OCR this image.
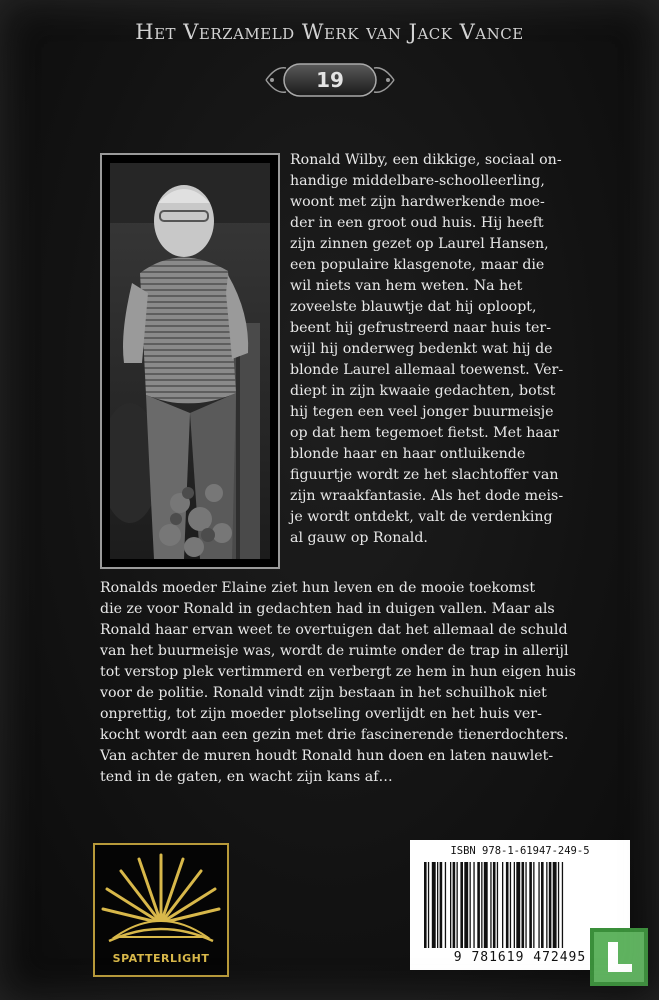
Het Verzameld Werk van Jack Vance
19
Ronald Wilby, een dikkige, sociaal on-
handige middelbare-schoolleerling,
woont met zijn hardwerkende moe-
der in een groot oud huis. Hij heeft
zijn zinnen gezet op Laurel Hansen,
een populaire klasgenote, maar die
wil niets van hem weten. Na het
zoveelste blauwtje dat hij oploopt,
beent hij gefrustreerd naar huis ter-
wijl hij onderweg bedenkt wat hij de
blonde Laurel allemaal toewenst. Ver-
diept in zijn kwaaie gedachten, botst
hij tegen een veel jonger buurmeisje
op dat hem tegemoet fietst. Met haar
blonde haar en haar ontluikende
figuurtje wordt ze het slachtoffer van
zijn wraakfantasie. Als het dode meis-
je wordt ontdekt, valt de verdenking
al gauw op Ronald.
Ronalds moeder Elaine ziet hun leven en de mooie toekomst
die ze voor Ronald in gedachten had in duigen vallen. Maar als
Ronald haar ervan weet te overtuigen dat het allemaal de schuld
van het buurmeisje was, wordt de ruimte onder de trap in allerijl
tot verstop plek vertimmerd en verbergt ze hem in hun eigen huis
voor de politie. Ronald vindt zijn bestaan in het schuilhok niet
onprettig, tot zijn moeder plotseling overlijdt en het huis ver-
kocht wordt aan een gezin met drie fascinerende tienerdochters.
Van achter de muren houdt Ronald hun doen en laten nauwlet-
tend in de gaten, en wacht zijn kans af…
SPATTERLIGHT
ISBN 978-1-61947-249-5
9 781619 472495
